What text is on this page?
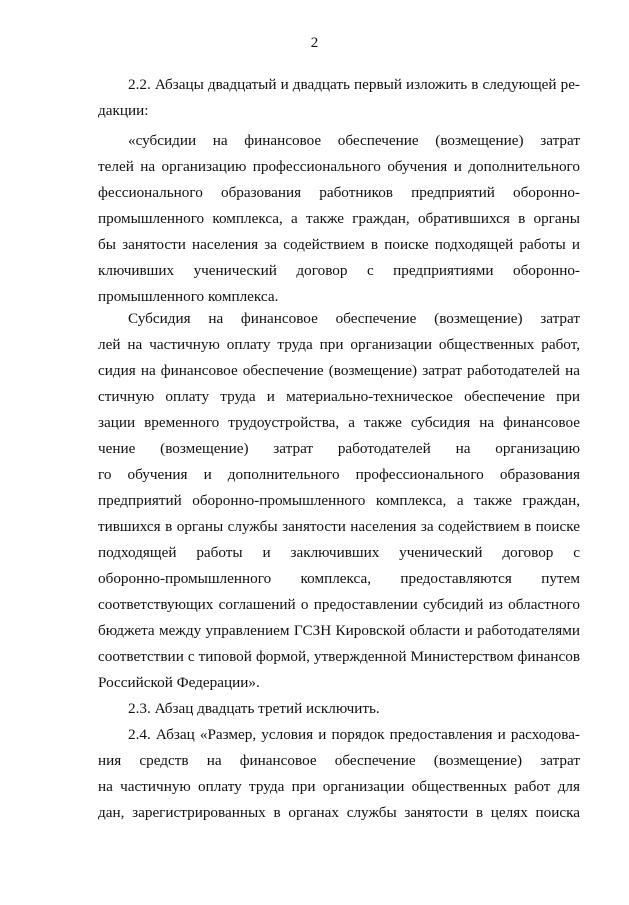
2
2.2. Абзацы двадцатый и двадцать первый изложить в следующей ре-
дакции:
«субсидии на финансовое обеспечение (возмещение) затрат
телей на организацию профессионального обучения и дополнительного
фессионального образования работников предприятий оборонно-
промышленного комплекса, а также граждан, обратившихся в органы
бы занятости населения за содействием в поиске подходящей работы и
ключивших ученический договор с предприятиями оборонно-
промышленного комплекса.
Субсидия на финансовое обеспечение (возмещение) затрат
лей на частичную оплату труда при организации общественных работ,
сидия на финансовое обеспечение (возмещение) затрат работодателей на
стичную оплату труда и материально-техническое обеспечение при
зации временного трудоустройства, а также субсидия на финансовое
чение (возмещение) затрат работодателей на организацию
го обучения и дополнительного профессионального образования
предприятий оборонно-промышленного комплекса, а также граждан,
тившихся в органы службы занятости населения за содействием в поиске
подходящей работы и заключивших ученический договор с
оборонно-промышленного комплекса, предоставляются путем
соответствующих соглашений о предоставлении субсидий из областного
бюджета между управлением ГСЗН Кировской области и работодателями
соответствии с типовой формой, утвержденной Министерством финансов
Российской Федерации».
2.3. Абзац двадцать третий исключить.
2.4. Абзац «Размер, условия и порядок предоставления и расходова-
ния средств на финансовое обеспечение (возмещение) затрат
на частичную оплату труда при организации общественных работ для
дан, зарегистрированных в органах службы занятости в целях поиска
